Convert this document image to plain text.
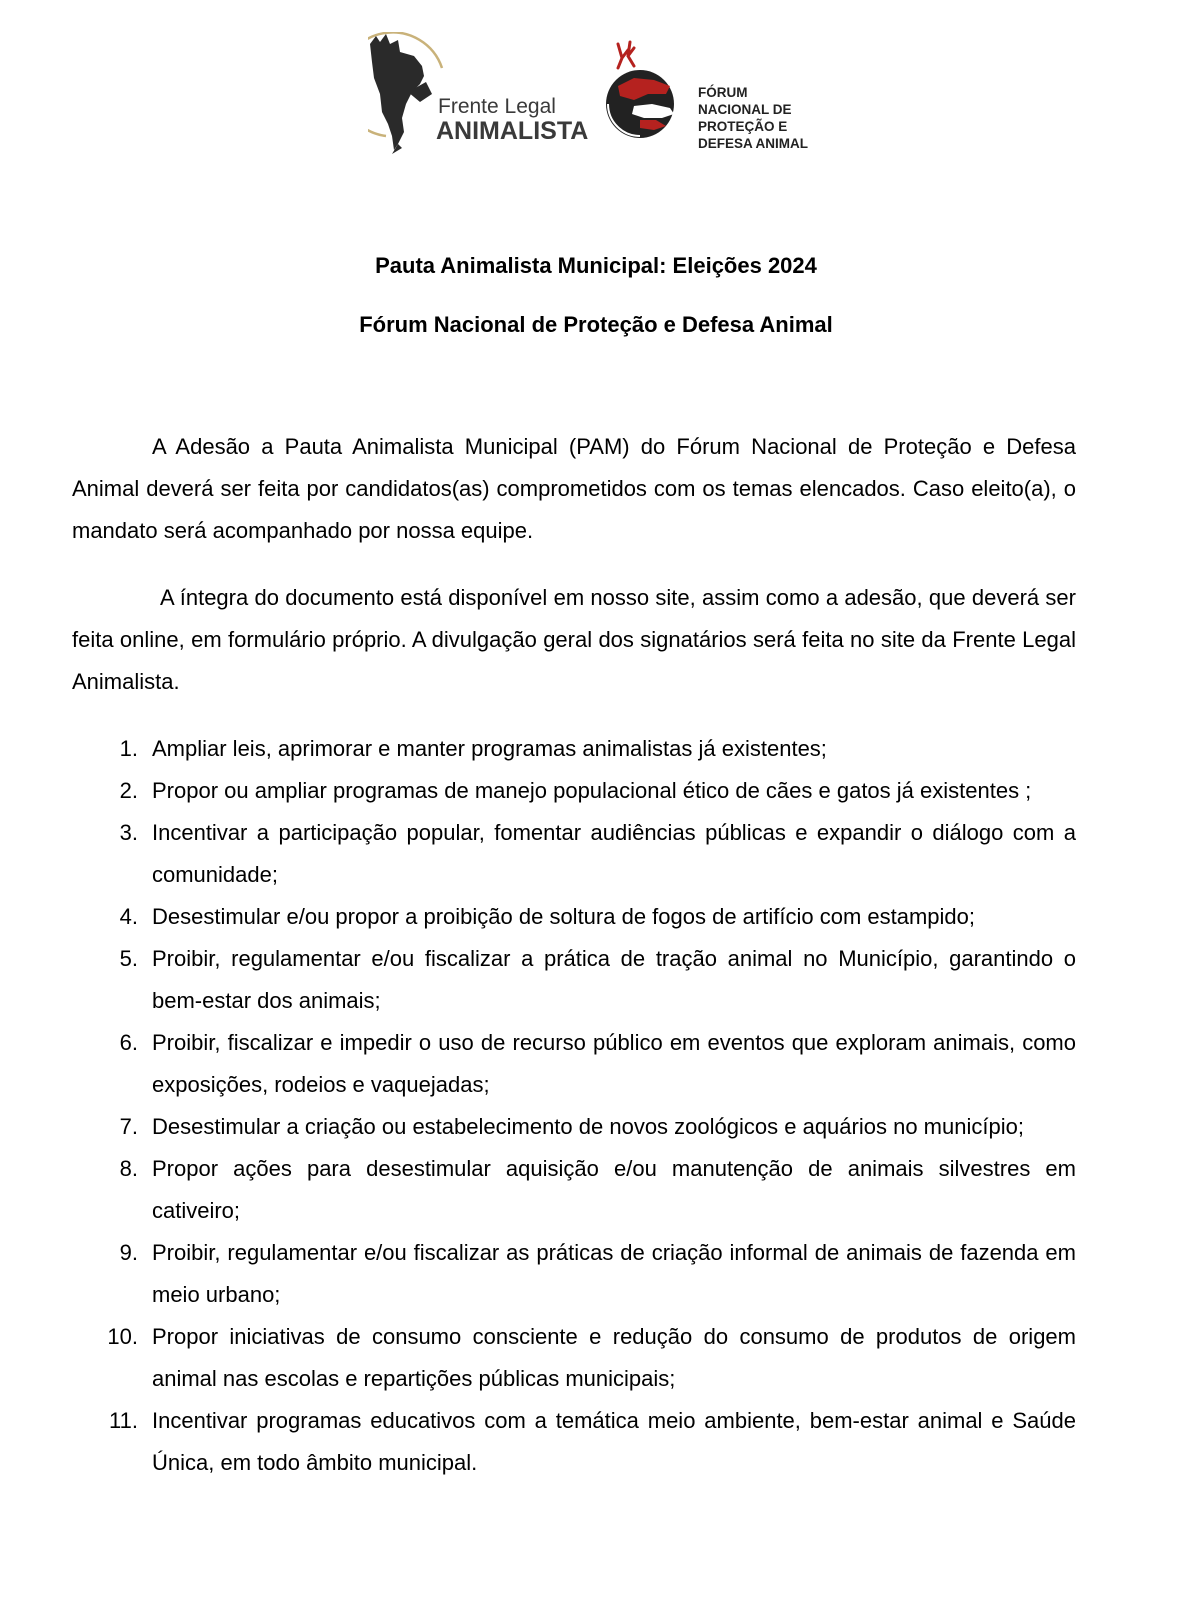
Frente Legal
ANIMALISTA
FÓRUM
NACIONAL DE
PROTEÇÃO E
DEFESA ANIMAL
Pauta Animalista Municipal: Eleições 2024
Fórum Nacional de Proteção e Defesa Animal

A Adesão a Pauta Animalista Municipal (PAM) do Fórum Nacional de Proteção e Defesa Animal deverá ser feita por candidatos(as) comprometidos com os temas elencados. Caso eleito(a), o mandato será acompanhado por nossa equipe.

A íntegra do documento está disponível em nosso site, assim como a adesão, que deverá ser feita online, em formulário próprio. A divulgação geral dos signatários será feita no site da Frente Legal Animalista.

1. Ampliar leis, aprimorar e manter programas animalistas já existentes;
2. Propor ou ampliar programas de manejo populacional ético de cães e gatos já existentes ;
3. Incentivar a participação popular, fomentar audiências públicas e expandir o diálogo com a comunidade;
4. Desestimular e/ou propor a proibição de soltura de fogos de artifício com estampido;
5. Proibir, regulamentar e/ou fiscalizar a prática de tração animal no Município, garantindo o bem-estar dos animais;
6. Proibir, fiscalizar e impedir o uso de recurso público em eventos que exploram animais, como exposições, rodeios e vaquejadas;
7. Desestimular a criação ou estabelecimento de novos zoológicos e aquários no município;
8. Propor ações para desestimular aquisição e/ou manutenção de animais silvestres em cativeiro;
9. Proibir, regulamentar e/ou fiscalizar as práticas de criação informal de animais de fazenda em meio urbano;
10. Propor iniciativas de consumo consciente e redução do consumo de produtos de origem animal nas escolas e repartições públicas municipais;
11. Incentivar programas educativos com a temática meio ambiente, bem-estar animal e Saúde Única, em todo âmbito municipal.
